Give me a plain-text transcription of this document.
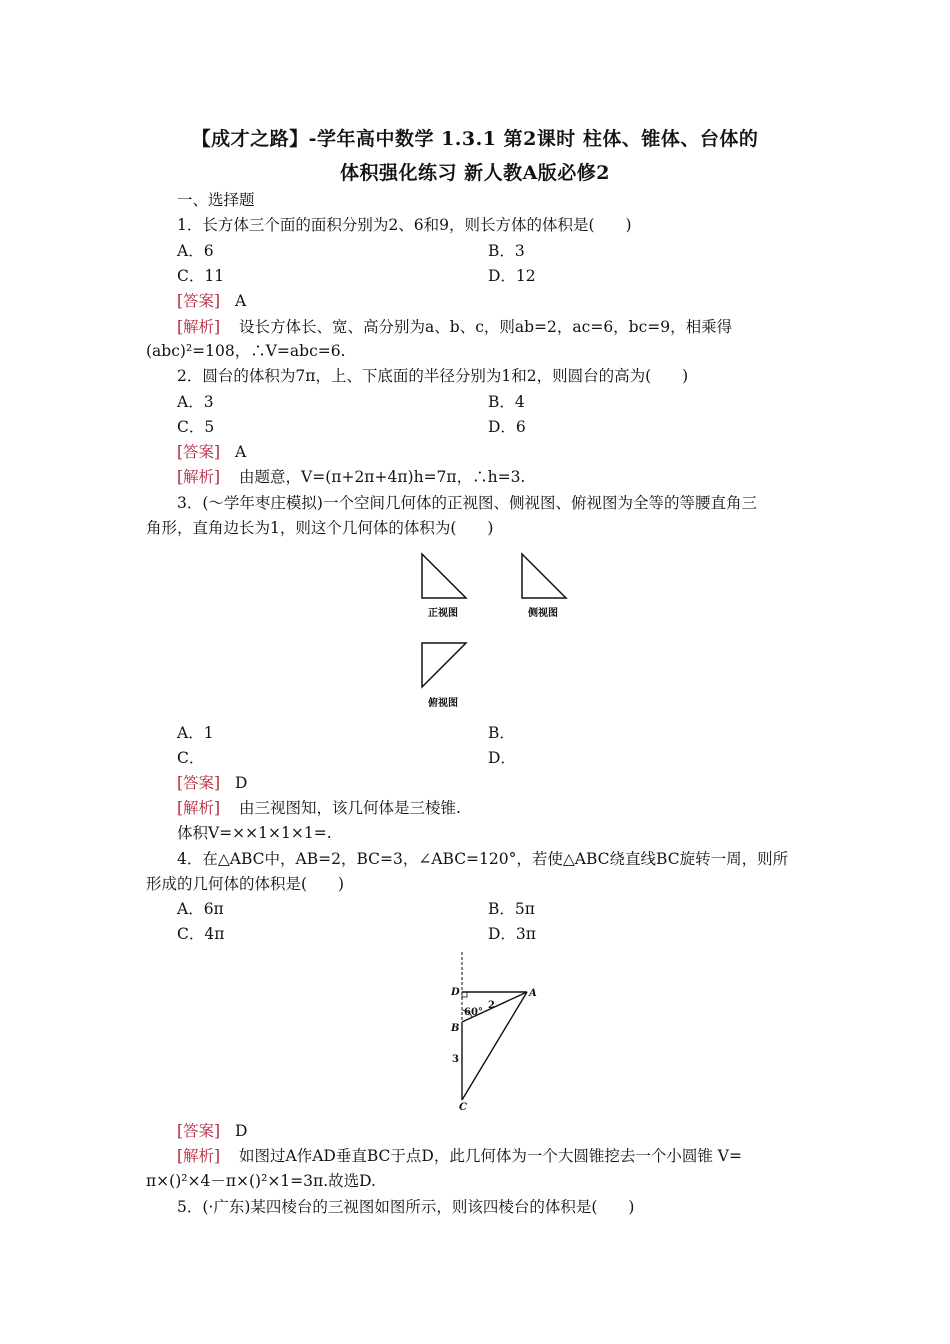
【成才之路】-学年高中数学 1.3.1 第2课时 柱体、锥体、台体的
体积强化练习 新人教A版必修2
一、选择题
1．长方体三个面的面积分别为2、6和9，则长方体的体积是(　　)
A．6	B．3
C．11	D．12
[答案] A
[解析] 设长方体长、宽、高分别为a、b、c，则ab=2，ac=6，bc=9，相乘得
(abc)²=108，∴V=abc=6.
2．圆台的体积为7π，上、下底面的半径分别为1和2，则圆台的高为(　　)
A．3	B．4
C．5	D．6
[答案] A
[解析] 由题意，V=(π+2π+4π)h=7π，∴h=3.
3．(～学年枣庄模拟)一个空间几何体的正视图、侧视图、俯视图为全等的等腰直角三
角形，直角边长为1，则这个几何体的体积为(　　)
正视图	侧视图
俯视图
A．1	B．
C．	D．
[答案] D
[解析] 由三视图知，该几何体是三棱锥.
体积V=××1×1×1=.
4．在△ABC中，AB=2，BC=3，∠ABC=120°，若使△ABC绕直线BC旋转一周，则所
形成的几何体的体积是(　　)
A．6π	B．5π
C．4π	D．3π
D	A
B
C
60°
2
3
[答案] D
[解析] 如图过A作AD垂直BC于点D，此几何体为一个大圆锥挖去一个小圆锥 V=
π×()²×4－π×()²×1=3π.故选D.
5．(·广东)某四棱台的三视图如图所示，则该四棱台的体积是(　　)
